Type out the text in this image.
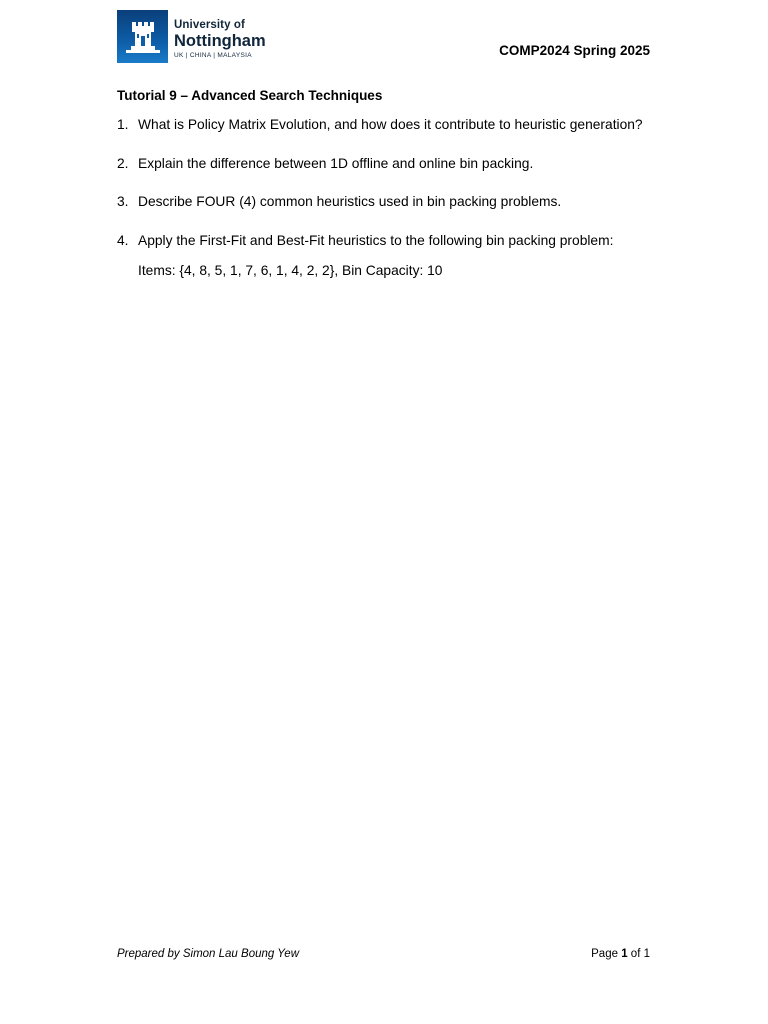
University of
Nottingham
UK | CHINA | MALAYSIA	COMP2024 Spring 2025
Tutorial 9 – Advanced Search Techniques
1. What is Policy Matrix Evolution, and how does it contribute to heuristic generation?
2. Explain the difference between 1D offline and online bin packing.
3. Describe FOUR (4) common heuristics used in bin packing problems.
4. Apply the First-Fit and Best-Fit heuristics to the following bin packing problem:
Items: {4, 8, 5, 1, 7, 6, 1, 4, 2, 2}, Bin Capacity: 10
Prepared by Simon Lau Boung Yew	Page 1 of 1
